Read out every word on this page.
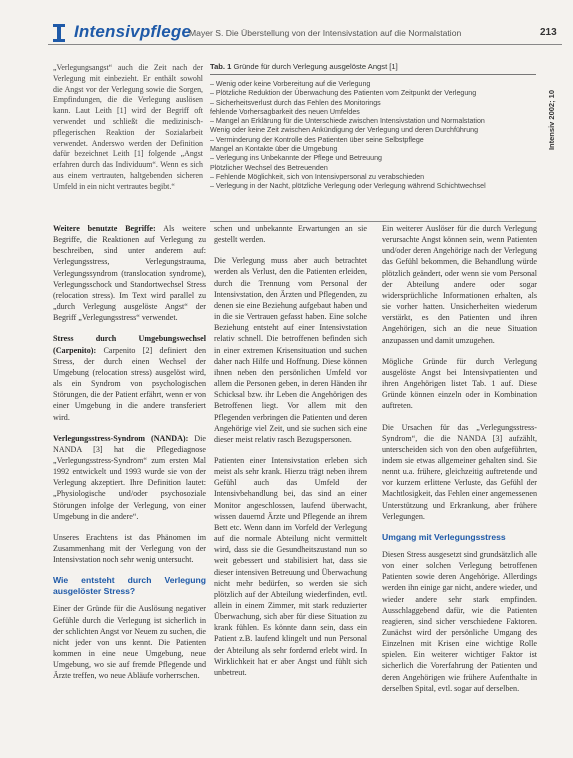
Intensivpflege
Mayer S. Die Überstellung von der Intensivstation auf die Normalstation	213
Intensiv 2002; 10
„Verlegungsangst“ auch die Zeit nach der Verlegung mit einbezieht. Er enthält sowohl die Angst vor der Verlegung sowie die Sorgen, Empfindungen, die die Verlegung auslösen kann. Laut Leith [1] wird der Begriff oft verwendet und schließt die medizinisch-pflegerischen Reaktion der Sozialarbeit verwendet. Anderswo werden der Definition dafür bezeichnet Leith [1] folgende „Angst erfahren durch das Individuum“. Wenn es sich aus einem vertrauten, haltgebenden sicheren Umfeld in ein nicht vertrautes begibt.“
Tab. 1 Gründe für durch Verlegung ausgelöste Angst [1]
– Wenig oder keine Vorbereitung auf die Verlegung
– Plötzliche Reduktion der Überwachung des Patienten vom Zeitpunkt der Verlegung
– Sicherheitsverlust durch das Fehlen des Monitorings
fehlende Vorhersagbarkeit des neuen Umfeldes
– Mangel an Erklärung für die Unterschiede zwischen Intensivstation und Normalstation
Wenig oder keine Zeit zwischen Ankündigung der Verlegung und deren Durchführung
– Verminderung der Kontrolle des Patienten über seine Selbstpflege
Mangel an Kontakte über die Umgebung
– Verlegung ins Unbekannte der Pflege und Betreuung
Plötzlicher Wechsel des Betreuenden
– Fehlende Möglichkeit, sich von Intensivpersonal zu verabschieden
– Verlegung in der Nacht, plötzliche Verlegung oder Verlegung während Schichtwechsel

Weitere benutzte Begriffe: Als weitere Begriffe, die Reaktionen auf Verlegung zu beschreiben, sind unter anderem auf: Verlegungsstress, Verlegungstrauma, Verlegungssyndrom (translocation syndrome), Verlegungsschock und Standortwechsel Stress (relocation stress). Im Text wird parallel zu „durch Verlegung ausgelöste Angst“ der Begriff „Verlegungsstress“ verwendet.

Stress durch Umgebungswechsel (Carpenito): Carpenito [2] definiert den Stress, der durch einen Wechsel der Umgebung (relocation stress) ausgelöst wird, als ein Syndrom von psychologischen Störungen, die der Patient erfährt, wenn er von einer Umgebung in die andere transferiert wird.

Verlegungsstress-Syndrom (NANDA): Die NANDA [3] hat die Pflegediagnose „Verlegungsstress-Syndrom“ zum ersten Mal 1992 entwickelt und 1993 wurde sie von der Verlegung akzeptiert. Ihre Definition lautet: „Physiologische und/oder psychosoziale Störungen infolge der Verlegung, von einer Umgebung in die andere“.

Unseres Erachtens ist das Phänomen im Zusammenhang mit der Verlegung von der Intensivstation noch sehr wenig untersucht.

Wie entsteht durch Verlegung ausgelöster Stress?

Einer der Gründe für die Auslösung negativer Gefühle durch die Verlegung ist sicherlich in der schlichten Angst vor Neuem zu suchen, die nicht jeder von uns kennt. Die Patienten kommen in eine neue Umgebung, neue Umgebung, wo sie auf fremde Pflegende und Ärzte treffen, wo neue Abläufe vorherrschen.

schen und unbekannte Erwartungen an sie gestellt werden.

Die Verlegung muss aber auch betrachtet werden als Verlust, den die Patienten erleiden, durch die Trennung vom Personal der Intensivstation, den Ärzten und Pflegenden, zu denen sie eine Beziehung aufgebaut haben und in die sie Vertrauen gefasst haben. Eine solche Beziehung entsteht auf einer Intensivstation relativ schnell. Die betroffenen befinden sich in einer extremen Krisensituation und suchen daher nach Hilfe und Hoffnung. Diese können ihnen neben den persönlichen Umfeld vor allem die Personen geben, in deren Händen ihr Schicksal bzw. ihr Leben die Angehörigen des Betroffenen liegt. Vor allem mit den Pflegenden verbringen die Patienten und deren Angehörige viel Zeit, und sie suchen sich eine dieser meist relativ rasch Bezugspersonen.

Patienten einer Intensivstation erleben sich meist als sehr krank. Hierzu trägt neben ihrem Gefühl auch das Umfeld der Intensivbehandlung bei, das sind an einer Monitor angeschlossen, laufend überwacht, wissen dauernd Ärzte und Pflegende an ihrem Bett etc. Wenn dann im Vorfeld der Verlegung auf die normale Abteilung nicht vermittelt wird, dass sie die Gesundheitszustand nun so weit gebessert und stabilisiert hat, dass sie dieser intensiven Betreuung und Überwachung nicht mehr bedürfen, so werden sie sich plötzlich auf der Abteilung wiederfinden, evtl. allein in einem Zimmer, mit stark reduzierter Überwachung, sich aber für diese Situation zu krank fühlen. Es könnte dann sein, dass ein Patient z.B. laufend klingelt und nun Personal der Abteilung als sehr fordernd erlebt wird. In Wirklichkeit hat er aber Angst und fühlt sich unbetreut.

Ein weiterer Auslöser für die durch Verlegung verursachte Angst können sein, wenn Patienten und/oder deren Angehörige nach der Verlegung das Gefühl bekommen, die Behandlung würde plötzlich geändert, oder wenn sie vom Personal der Abteilung andere oder sogar widersprüchliche Informationen erhalten, als sie vorher hatten. Unsicherheiten wiederum verstärkt, es den Patienten und ihren Angehörigen, sich an die neue Situation anzupassen und damit umzugehen.

Mögliche Gründe für durch Verlegung ausgelöste Angst bei Intensivpatienten und ihren Angehörigen listet Tab. 1 auf. Diese Gründe können einzeln oder in Kombination auftreten.

Die Ursachen für das „Verlegungsstress-Syndrom“, die die NANDA [3] aufzählt, unterscheiden sich von den oben aufgeführten, indem sie etwas allgemeiner gehalten sind. Sie nennt u.a. frühere, gleichzeitig auftretende und vor kurzem erlittene Verluste, das Gefühl der Machtlosigkeit, das Fehlen einer angemessenen Unterstützung und Erkrankung, aber frühere Verlegungen.

Umgang mit Verlegungsstress

Diesen Stress ausgesetzt sind grundsätzlich alle von einer solchen Verlegung betroffenen Patienten sowie deren Angehörige. Allerdings werden ihn einige gar nicht, andere wieder, und wieder andere sehr stark empfinden. Ausschlaggebend dafür, wie die Patienten reagieren, sind sicher verschiedene Faktoren. Zunächst wird der persönliche Umgang des Einzelnen mit Krisen eine wichtige Rolle spielen. Ein weiterer wichtiger Faktor ist sicherlich die Vorerfahrung der Patienten und deren Angehörigen wie frühere Aufenthalte in derselben Spital, evtl. sogar auf derselben.
